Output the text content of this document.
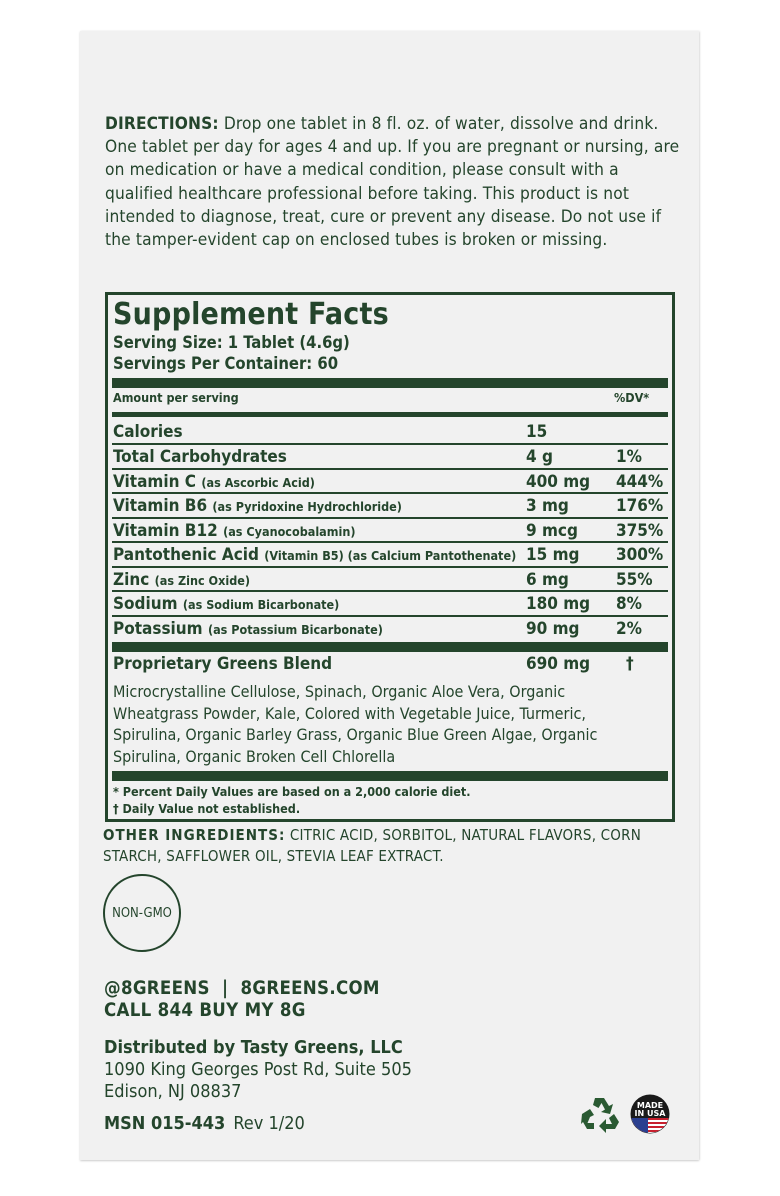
DIRECTIONS: Drop one tablet in 8 fl. oz. of water, dissolve and drink. One tablet per day for ages 4 and up. If you are pregnant or nursing, are on medication or have a medical condition, please consult with a qualified healthcare professional before taking. This product is not intended to diagnose, treat, cure or prevent any disease. Do not use if the tamper-evident cap on enclosed tubes is broken or missing.
Supplement Facts
Serving Size: 1 Tablet (4.6g)
Servings Per Container: 60
Amount per serving	%DV*
Calories	15
Total Carbohydrates	4 g	1%
Vitamin C (as Ascorbic Acid)	400 mg 444%
Vitamin B6 (as Pyridoxine Hydrochloride)	3 mg	176%
Vitamin B12 (as Cyanocobalamin)	9 mcg 375%
Pantothenic Acid (Vitamin B5) (as Calcium Pantothenate) 15 mg 300%
Zinc (as Zinc Oxide)	6 mg	55%
Sodium (as Sodium Bicarbonate)	180 mg 8%
Potassium (as Potassium Bicarbonate)	90 mg 2%
Proprietary Greens Blend	690 mg †
Microcrystalline Cellulose, Spinach, Organic Aloe Vera, Organic Wheatgrass Powder, Kale, Colored with Vegetable Juice, Turmeric, Spirulina, Organic Barley Grass, Organic Blue Green Algae, Organic Spirulina, Organic Broken Cell Chlorella
* Percent Daily Values are based on a 2,000 calorie diet.
† Daily Value not established.
OTHER INGREDIENTS: CITRIC ACID, SORBITOL, NATURAL FLAVORS, CORN STARCH, SAFFLOWER OIL, STEVIA LEAF EXTRACT.
NON-GMO
@8GREENS  |  8GREENS.COM
CALL 844 BUY MY 8G
Distributed by Tasty Greens, LLC
1090 King Georges Post Rd, Suite 505
Edison, NJ 08837
MSN 015-443 Rev 1/20
MADE
IN USA
